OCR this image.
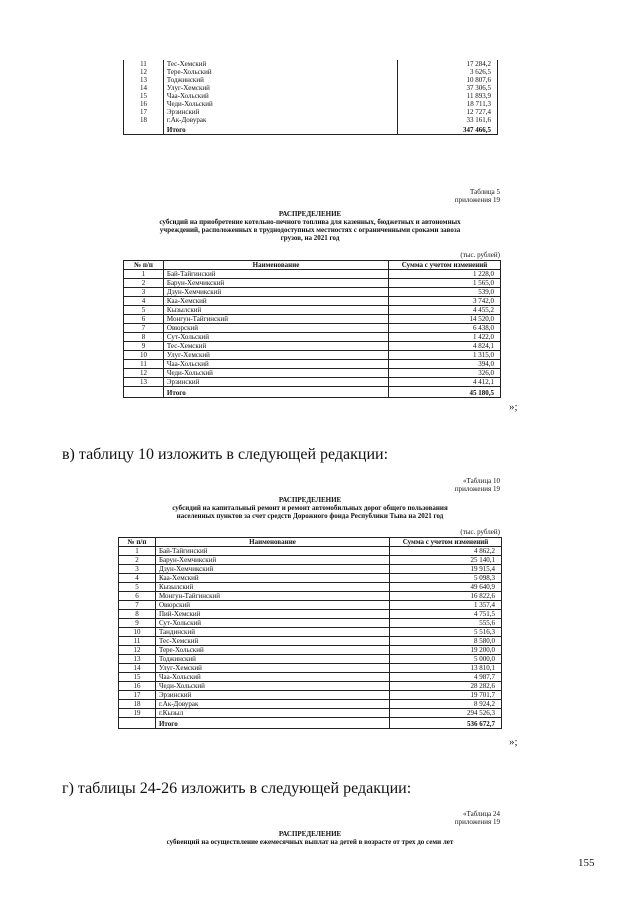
11	Тес-Хемский	17 284,2
12	Тере-Хольский	3 626,5
13	Тоджинский	10 807,6
14	Улуг-Хемский	37 306,5
15	Чаа-Хольский	11 893,9
16	Чеди-Хольский	18 711,3
17	Эрзинский	12 727,4
18	г.Ак-Довурак	33 161,6
	Итого	347 466,5
Таблица 5
приложения 19
РАСПРЕДЕЛЕНИЕ
субсидий на приобретение котельно-печного топлива для казенных, бюджетных и автономных
учреждений, расположенных в труднодоступных местностях с ограниченными сроками завоза
грузов, на 2021 год
(тыс. рублей)
№ п/п	Наименование	Сумма с учетом изменений
1	Бай-Тайгинский	1 228,0
2	Барун-Хемчикский	1 565,0
3	Дзун-Хемчикский	539,0
4	Каа-Хемский	3 742,0
5	Кызылский	4 455,2
6	Монгун-Тайгинский	14 520,0
7	Овюрский	6 438,0
8	Сут-Хольский	1 422,0
9	Тес-Хемский	4 824,1
10	Улуг-Хемский	1 315,0
11	Чаа-Хольский	394,0
12	Чеди-Хольский	326,0
13	Эрзинский	4 412,1
	Итого	45 180,5
»;
в) таблицу 10 изложить в следующей редакции:
«Таблица 10
приложения 19
РАСПРЕДЕЛЕНИЕ
субсидий на капитальный ремонт и ремонт автомобильных дорог общего пользования
населенных пунктов за счет средств Дорожного фонда Республики Тыва на 2021 год
(тыс. рублей)
№ п/п	Наименование	Сумма с учетом изменений
1	Бай-Тайгинский	4 862,2
2	Барун-Хемчикский	25 140,1
3	Дзун-Хемчикский	19 915,4
4	Каа-Хемский	5 098,3
5	Кызылский	49 640,9
6	Монгун-Тайгинский	16 822,6
7	Овюрский	1 357,4
8	Пий-Хемский	4 751,5
9	Сут-Хольский	555,6
10	Тандинский	5 516,3
11	Тес-Хемский	8 580,0
12	Тере-Хольский	19 200,0
13	Тоджинский	5 000,0
14	Улуг-Хемский	13 810,1
15	Чаа-Хольский	4 987,7
16	Чеди-Хольский	28 282,6
17	Эрзинский	19 701,7
18	г.Ак-Довурак	8 924,2
19	г.Кызыл	294 526,3
	Итого	536 672,7
»;
г) таблицы 24-26 изложить в следующей редакции:
«Таблица 24
приложения 19
РАСПРЕДЕЛЕНИЕ
субвенций на осуществление ежемесячных выплат на детей в возрасте от трех до семи лет
155
